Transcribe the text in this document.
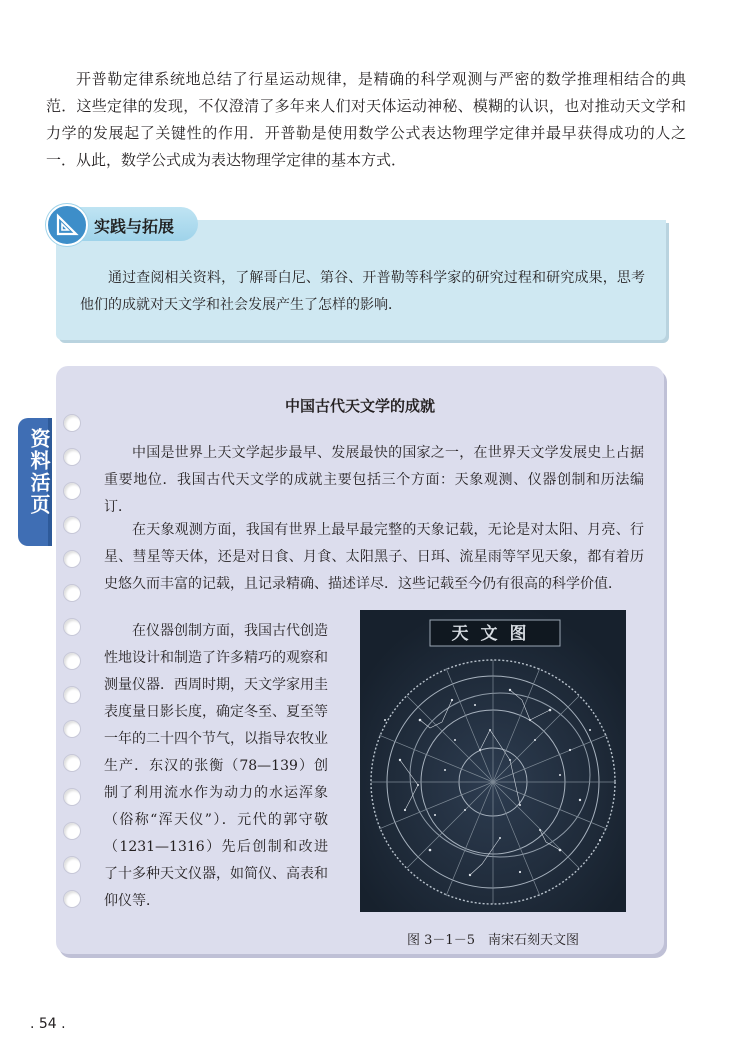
开普勒定律系统地总结了行星运动规律，是精确的科学观测与严密的数学推理相结合的典范．这些定律的发现，不仅澄清了多年来人们对天体运动神秘、模糊的认识，也对推动天文学和力学的发展起了关键性的作用．开普勒是使用数学公式表达物理学定律并最早获得成功的人之一．从此，数学公式成为表达物理学定律的基本方式．

实践与拓展

通过查阅相关资料，了解哥白尼、第谷、开普勒等科学家的研究过程和研究成果，思考他们的成就对天文学和社会发展产生了怎样的影响．

资料活页
中国古代天文学的成就

中国是世界上天文学起步最早、发展最快的国家之一，在世界天文学发展史上占据重要地位．我国古代天文学的成就主要包括三个方面：天象观测、仪器创制和历法编订．

在天象观测方面，我国有世界上最早最完整的天象记载，无论是对太阳、月亮、行星、彗星等天体，还是对日食、月食、太阳黑子、日珥、流星雨等罕见天象，都有着历史悠久而丰富的记载，且记录精确、描述详尽．这些记载至今仍有很高的科学价值．

在仪器创制方面，我国古代创造性地设计和制造了许多精巧的观察和测量仪器．西周时期，天文学家用圭表度量日影长度，确定冬至、夏至等一年的二十四个节气，以指导农牧业生产．东汉的张衡（78—139）创制了利用流水作为动力的水运浑象（俗称“浑天仪”）．元代的郭守敬（1231—1316）先后创制和改进了十多种天文仪器，如简仪、高表和仰仪等．

天文图
图 3－1－5　南宋石刻天文图
. 54 .
